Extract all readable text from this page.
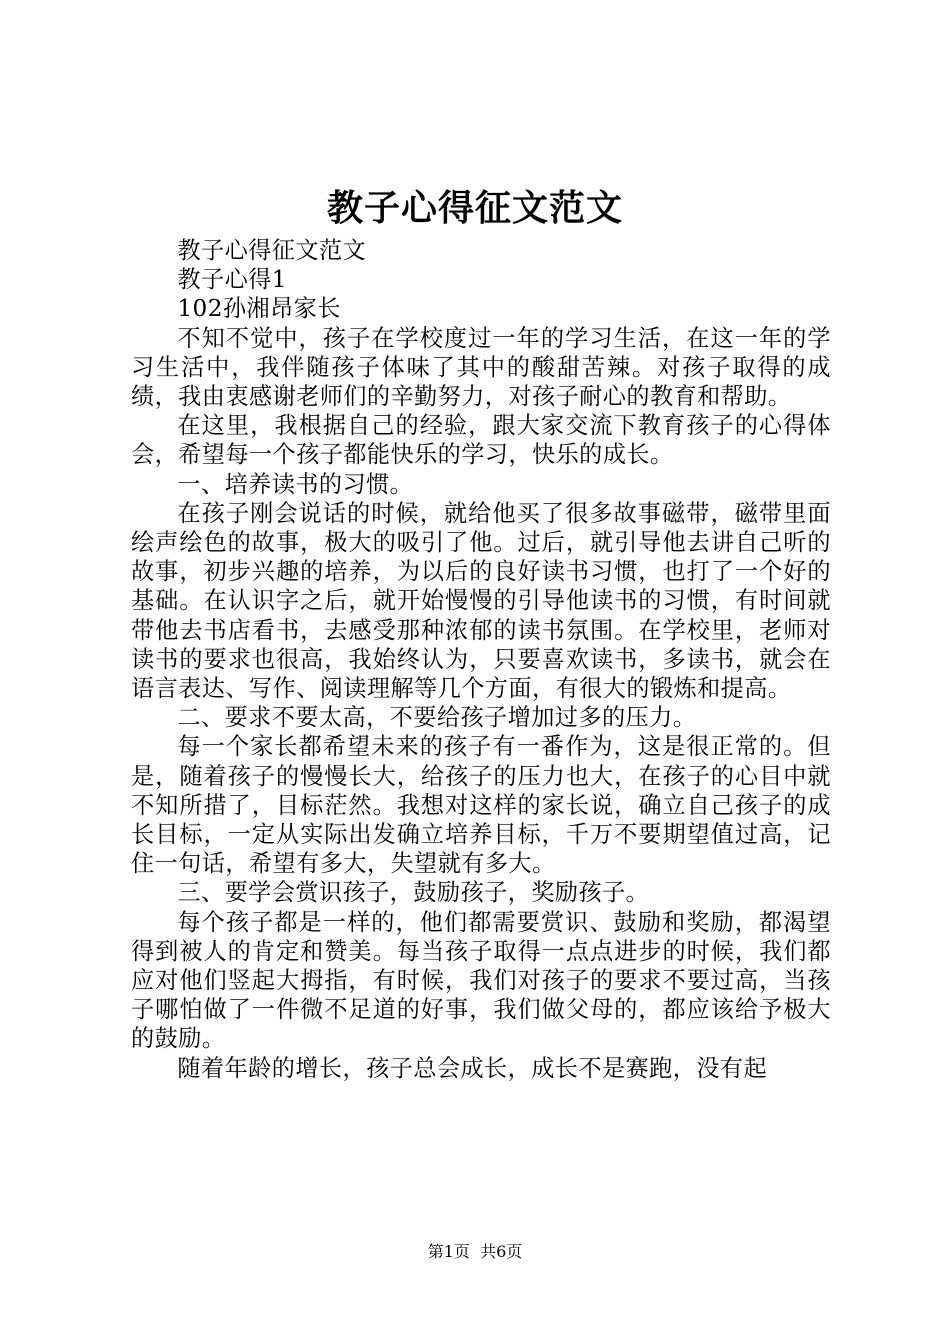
教子心得征文范文

教子心得征文范文

教子心得1

102孙湘昂家长

不知不觉中，孩子在学校度过一年的学习生活，在这一年的学习生活中，我伴随孩子体味了其中的酸甜苦辣。对孩子取得的成绩，我由衷感谢老师们的辛勤努力，对孩子耐心的教育和帮助。

在这里，我根据自己的经验，跟大家交流下教育孩子的心得体会，希望每一个孩子都能快乐的学习，快乐的成长。

一、培养读书的习惯。

在孩子刚会说话的时候，就给他买了很多故事磁带，磁带里面绘声绘色的故事，极大的吸引了他。过后，就引导他去讲自己听的故事，初步兴趣的培养，为以后的良好读书习惯，也打了一个好的基础。在认识字之后，就开始慢慢的引导他读书的习惯，有时间就带他去书店看书，去感受那种浓郁的读书氛围。在学校里，老师对读书的要求也很高，我始终认为，只要喜欢读书，多读书，就会在语言表达、写作、阅读理解等几个方面，有很大的锻炼和提高。

二、要求不要太高，不要给孩子增加过多的压力。

每一个家长都希望未来的孩子有一番作为，这是很正常的。但是，随着孩子的慢慢长大，给孩子的压力也大，在孩子的心目中就不知所措了，目标茫然。我想对这样的家长说，确立自己孩子的成长目标，一定从实际出发确立培养目标，千万不要期望值过高，记住一句话，希望有多大，失望就有多大。

三、要学会赏识孩子，鼓励孩子，奖励孩子。

每个孩子都是一样的，他们都需要赏识、鼓励和奖励，都渴望得到被人的肯定和赞美。每当孩子取得一点点进步的时候，我们都应对他们竖起大拇指，有时候，我们对孩子的要求不要过高，当孩子哪怕做了一件微不足道的好事，我们做父母的，都应该给予极大的鼓励。

随着年龄的增长，孩子总会成长，成长不是赛跑，没有起

第1页  共6页
